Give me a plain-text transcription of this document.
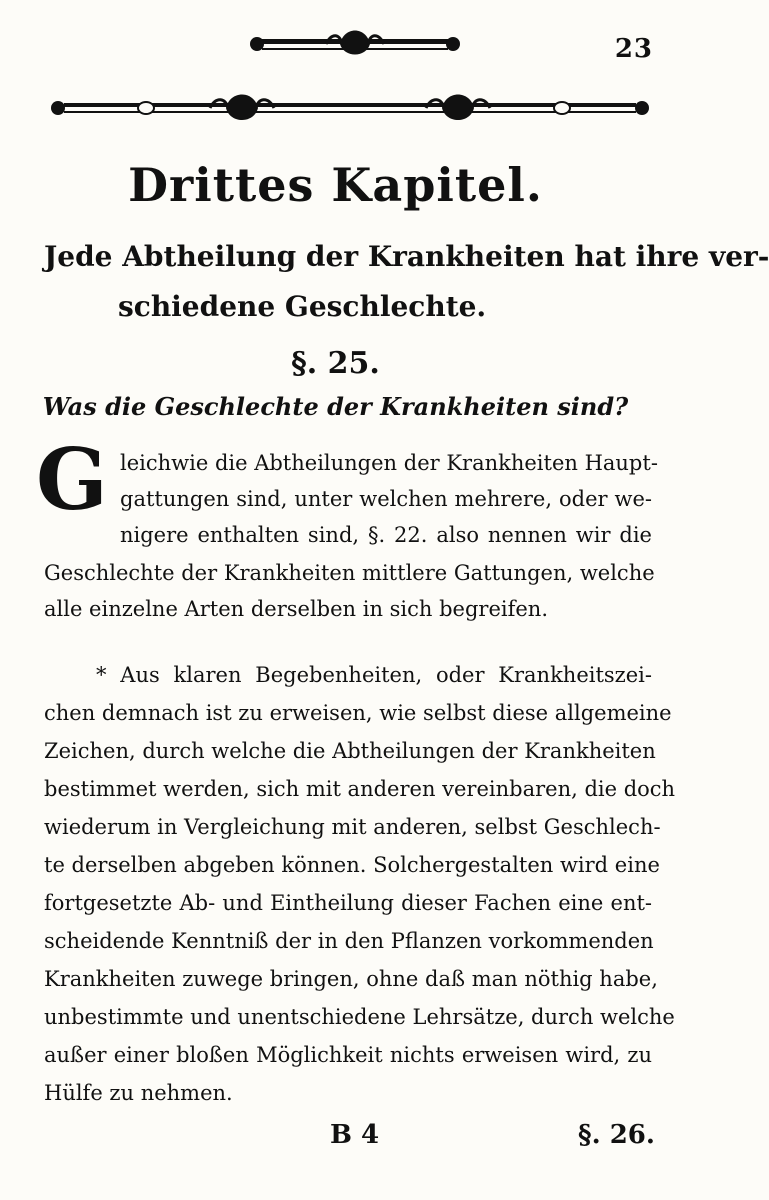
23
Drittes Kapitel.
Jede Abtheilung der Krankheiten hat ihre ver-
schiedene Geschlechte.
§. 25.
Was die Geschlechte der Krankheiten sind?
G leichwie die Abtheilungen der Krankheiten Haupt-
gattungen sind, unter welchen mehrere, oder we-
nigere enthalten sind, §. 22. also nennen wir die
Geschlechte der Krankheiten mittlere Gattungen, welche
alle einzelne Arten derselben in sich begreifen.
* Aus klaren Begebenheiten, oder Krankheitszei-
chen demnach ist zu erweisen, wie selbst diese allgemeine
Zeichen, durch welche die Abtheilungen der Krankheiten
bestimmet werden, sich mit anderen vereinbaren, die doch
wiederum in Vergleichung mit anderen, selbst Geschlech-
te derselben abgeben können. Solchergestalten wird eine
fortgesetzte Ab- und Eintheilung dieser Fachen eine ent-
scheidende Kenntniß der in den Pflanzen vorkommenden
Krankheiten zuwege bringen, ohne daß man nöthig habe,
unbestimmte und unentschiedene Lehrsätze, durch welche
außer einer bloßen Möglichkeit nichts erweisen wird, zu
Hülfe zu nehmen.
B 4	§. 26.
